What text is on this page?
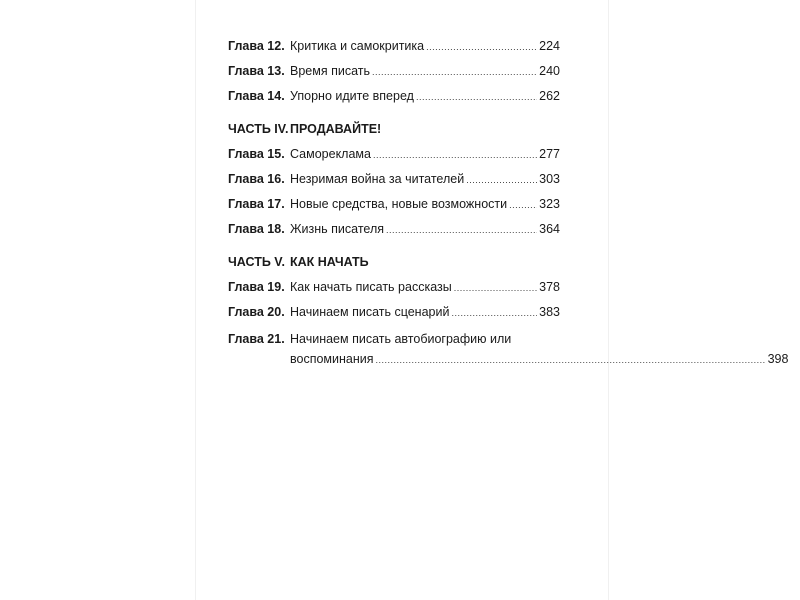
Глава 12. Критика и самокритика .....	224
Глава 13. Время писать .....	240
Глава 14. Упорно идите вперед .....	262
ЧАСТЬ IV. ПРОДАВАЙТЕ!
Глава 15. Самореклама .....	277
Глава 16. Незримая война за читателей .....	303
Глава 17. Новые средства, новые возможности .....	323
Глава 18. Жизнь писателя .....	364
ЧАСТЬ V. КАК НАЧАТЬ
Глава 19. Как начать писать рассказы .....	378
Глава 20. Начинаем писать сценарий .....	383
Глава 21. Начинаем писать автобиографию или
воспоминания .....	398
